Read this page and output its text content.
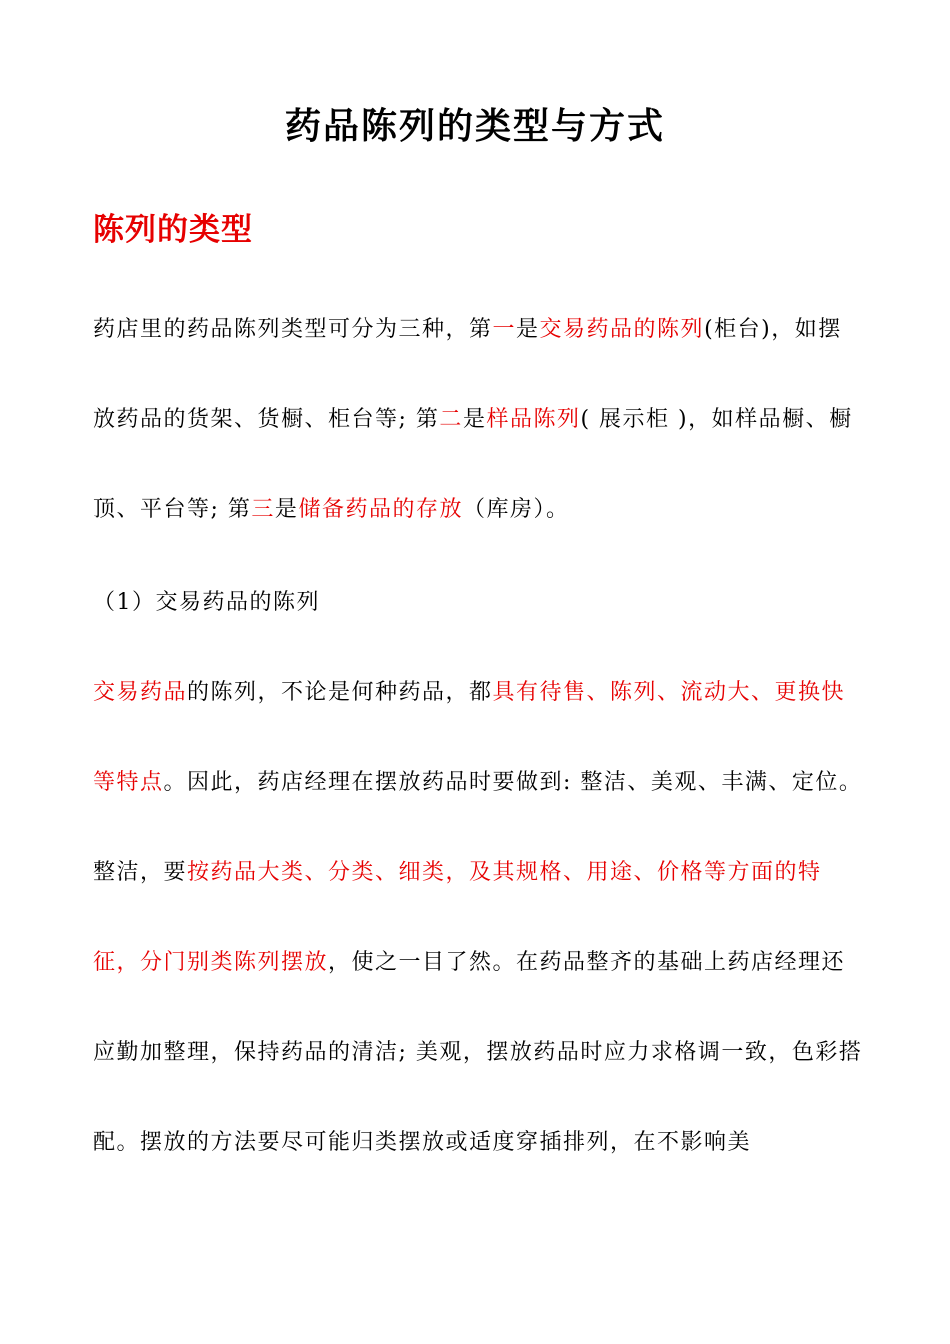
药品陈列的类型与方式
陈列的类型

药店里的药品陈列类型可分为三种，第一是交易药品的陈列(柜台)，如摆放药品的货架、货橱、柜台等; 第二是样品陈列( 展示柜 )，如样品橱、橱顶、平台等; 第三是储备药品的存放（库房）。

（1）交易药品的陈列

交易药品的陈列，不论是何种药品，都具有待售、陈列、流动大、更换快等特点。因此，药店经理在摆放药品时要做到: 整洁、美观、丰满、定位。整洁，要按药品大类、分类、细类，及其规格、用途、价格等方面的特征，分门别类陈列摆放，使之一目了然。在药品整齐的基础上药店经理还应勤加整理，保持药品的清洁; 美观，摆放药品时应力求格调一致，色彩搭配。摆放的方法要尽可能归类摆放或适度穿插排列，在不影响美
